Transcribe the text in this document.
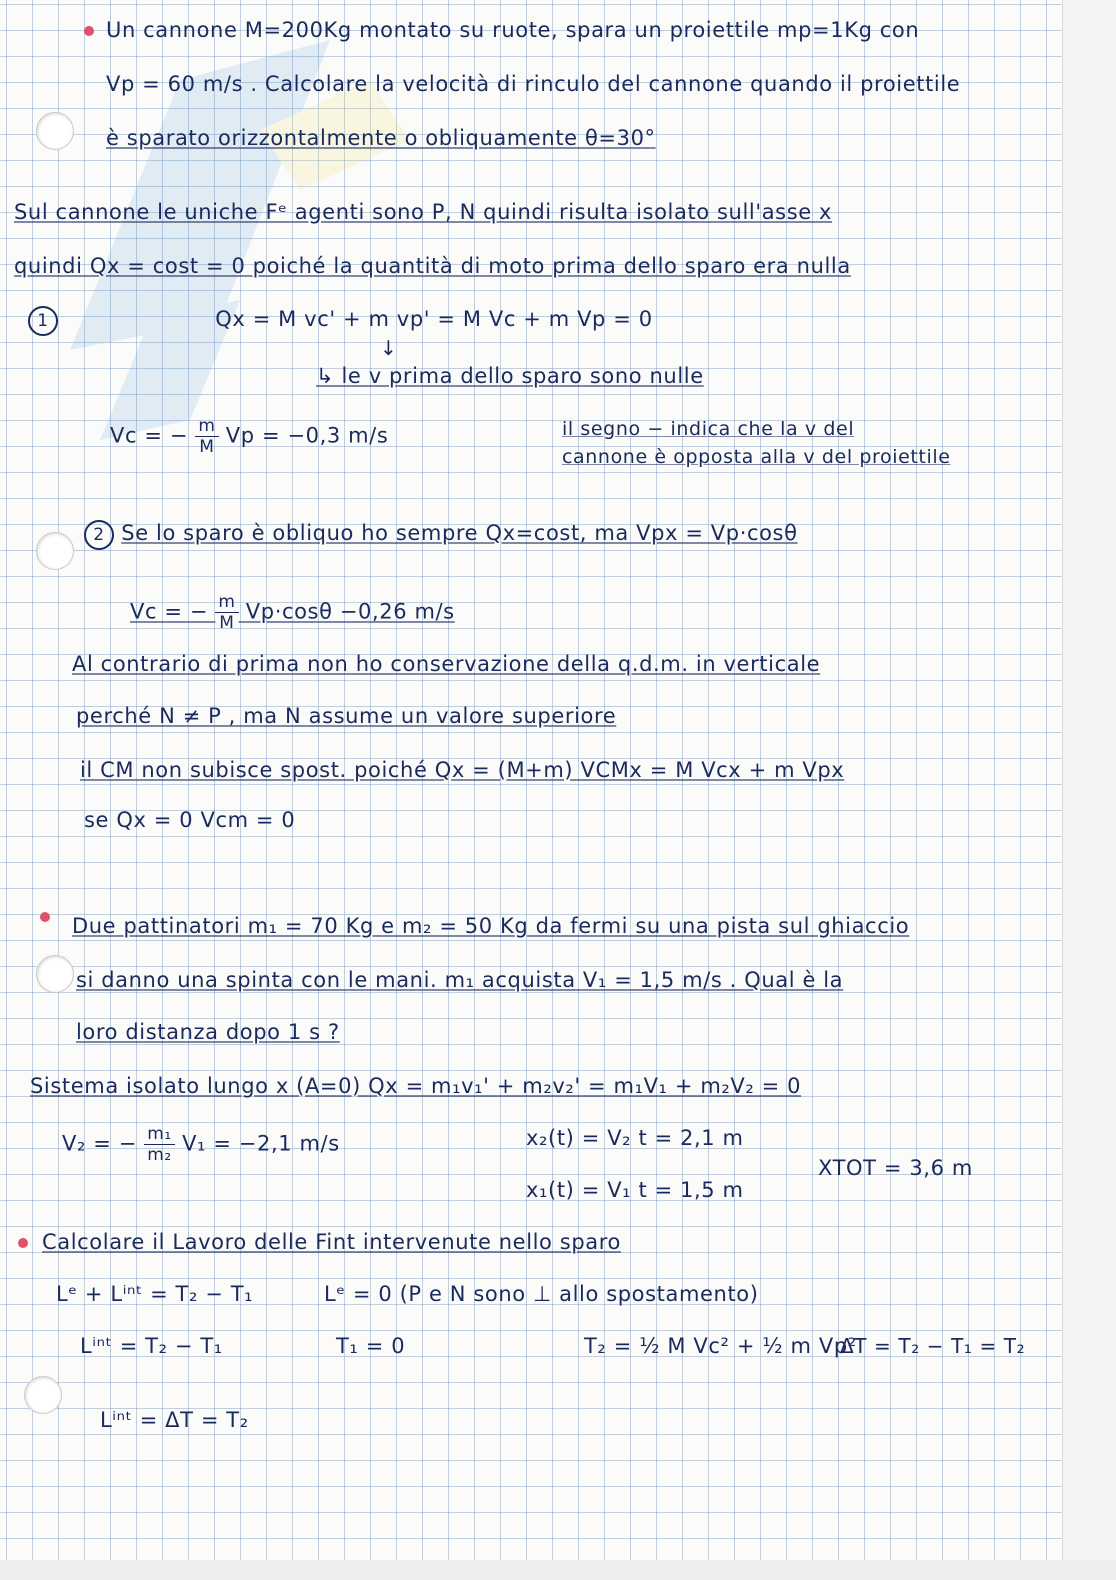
Un cannone M=200Kg montato su ruote, spara un proiettile mp=1Kg con
Vp = 60 m/s . Calcolare la velocità di rinculo del cannone quando il proiettile
è sparato orizzontalmente o obliquamente θ=30°
Sul cannone le uniche Fᵉ agenti sono P, N quindi risulta isolato sull'asse x
quindi Qx = cost = 0 poiché la quantità di moto prima dello sparo era nulla
1	Qx = M vc' + m vp' = M Vc + m Vp = 0
↓
↳ le v prima dello sparo sono nulle
Vc = − $\frac{m}{M}$ Vp = −0,3 m/s	il segno − indica che la v del
cannone è opposta alla v del proiettile
2 Se lo sparo è obliquo ho sempre Qx=cost, ma Vpx = Vp·cosθ
Vc = − $\frac{m}{M} Vp\cdot\cos\theta -0,26$ m/s
Al contrario di prima non ho conservazione della q.d.m. in verticale
perché N ≠ P , ma N assume un valore superiore
il CM non subisce spost. poiché Qx = (M+m) VCMx = M Vcx + m Vpx
se Qx = 0 Vcm = 0
Due pattinatori m₁ = 70 Kg e m₂ = 50 Kg da fermi su una pista sul ghiaccio
si danno una spinta con le mani. m₁ acquista V₁ = 1,5 m/s . Qual è la
loro distanza dopo 1 s ?
Sistema isolato lungo x (A=0) Qx = m₁v₁' + m₂v₂' = m₁V₁ + m₂V₂ = 0
V₂ = − $\frac{\text{m₁}}{\text{m₂}} V_1 = -2,1$ m/s	x₂(t) = V₂ t = 2,1 m
XTOT = 3,6 m
x₁(t) = V₁ t = 1,5 m
Calcolare il Lavoro delle Fint intervenute nello sparo
Lᵉ + Lⁱⁿᵗ = T₂ − T₁	Lᵉ = 0 (P e N sono ⊥ allo spostamento)
Lⁱⁿᵗ = T₂ − T₁	T₁ = 0	T₂ = ½ M Vc² + ½ m Vp²
ΔT = T₂ − T₁ = T₂
Lⁱⁿᵗ = ΔT = T₂
